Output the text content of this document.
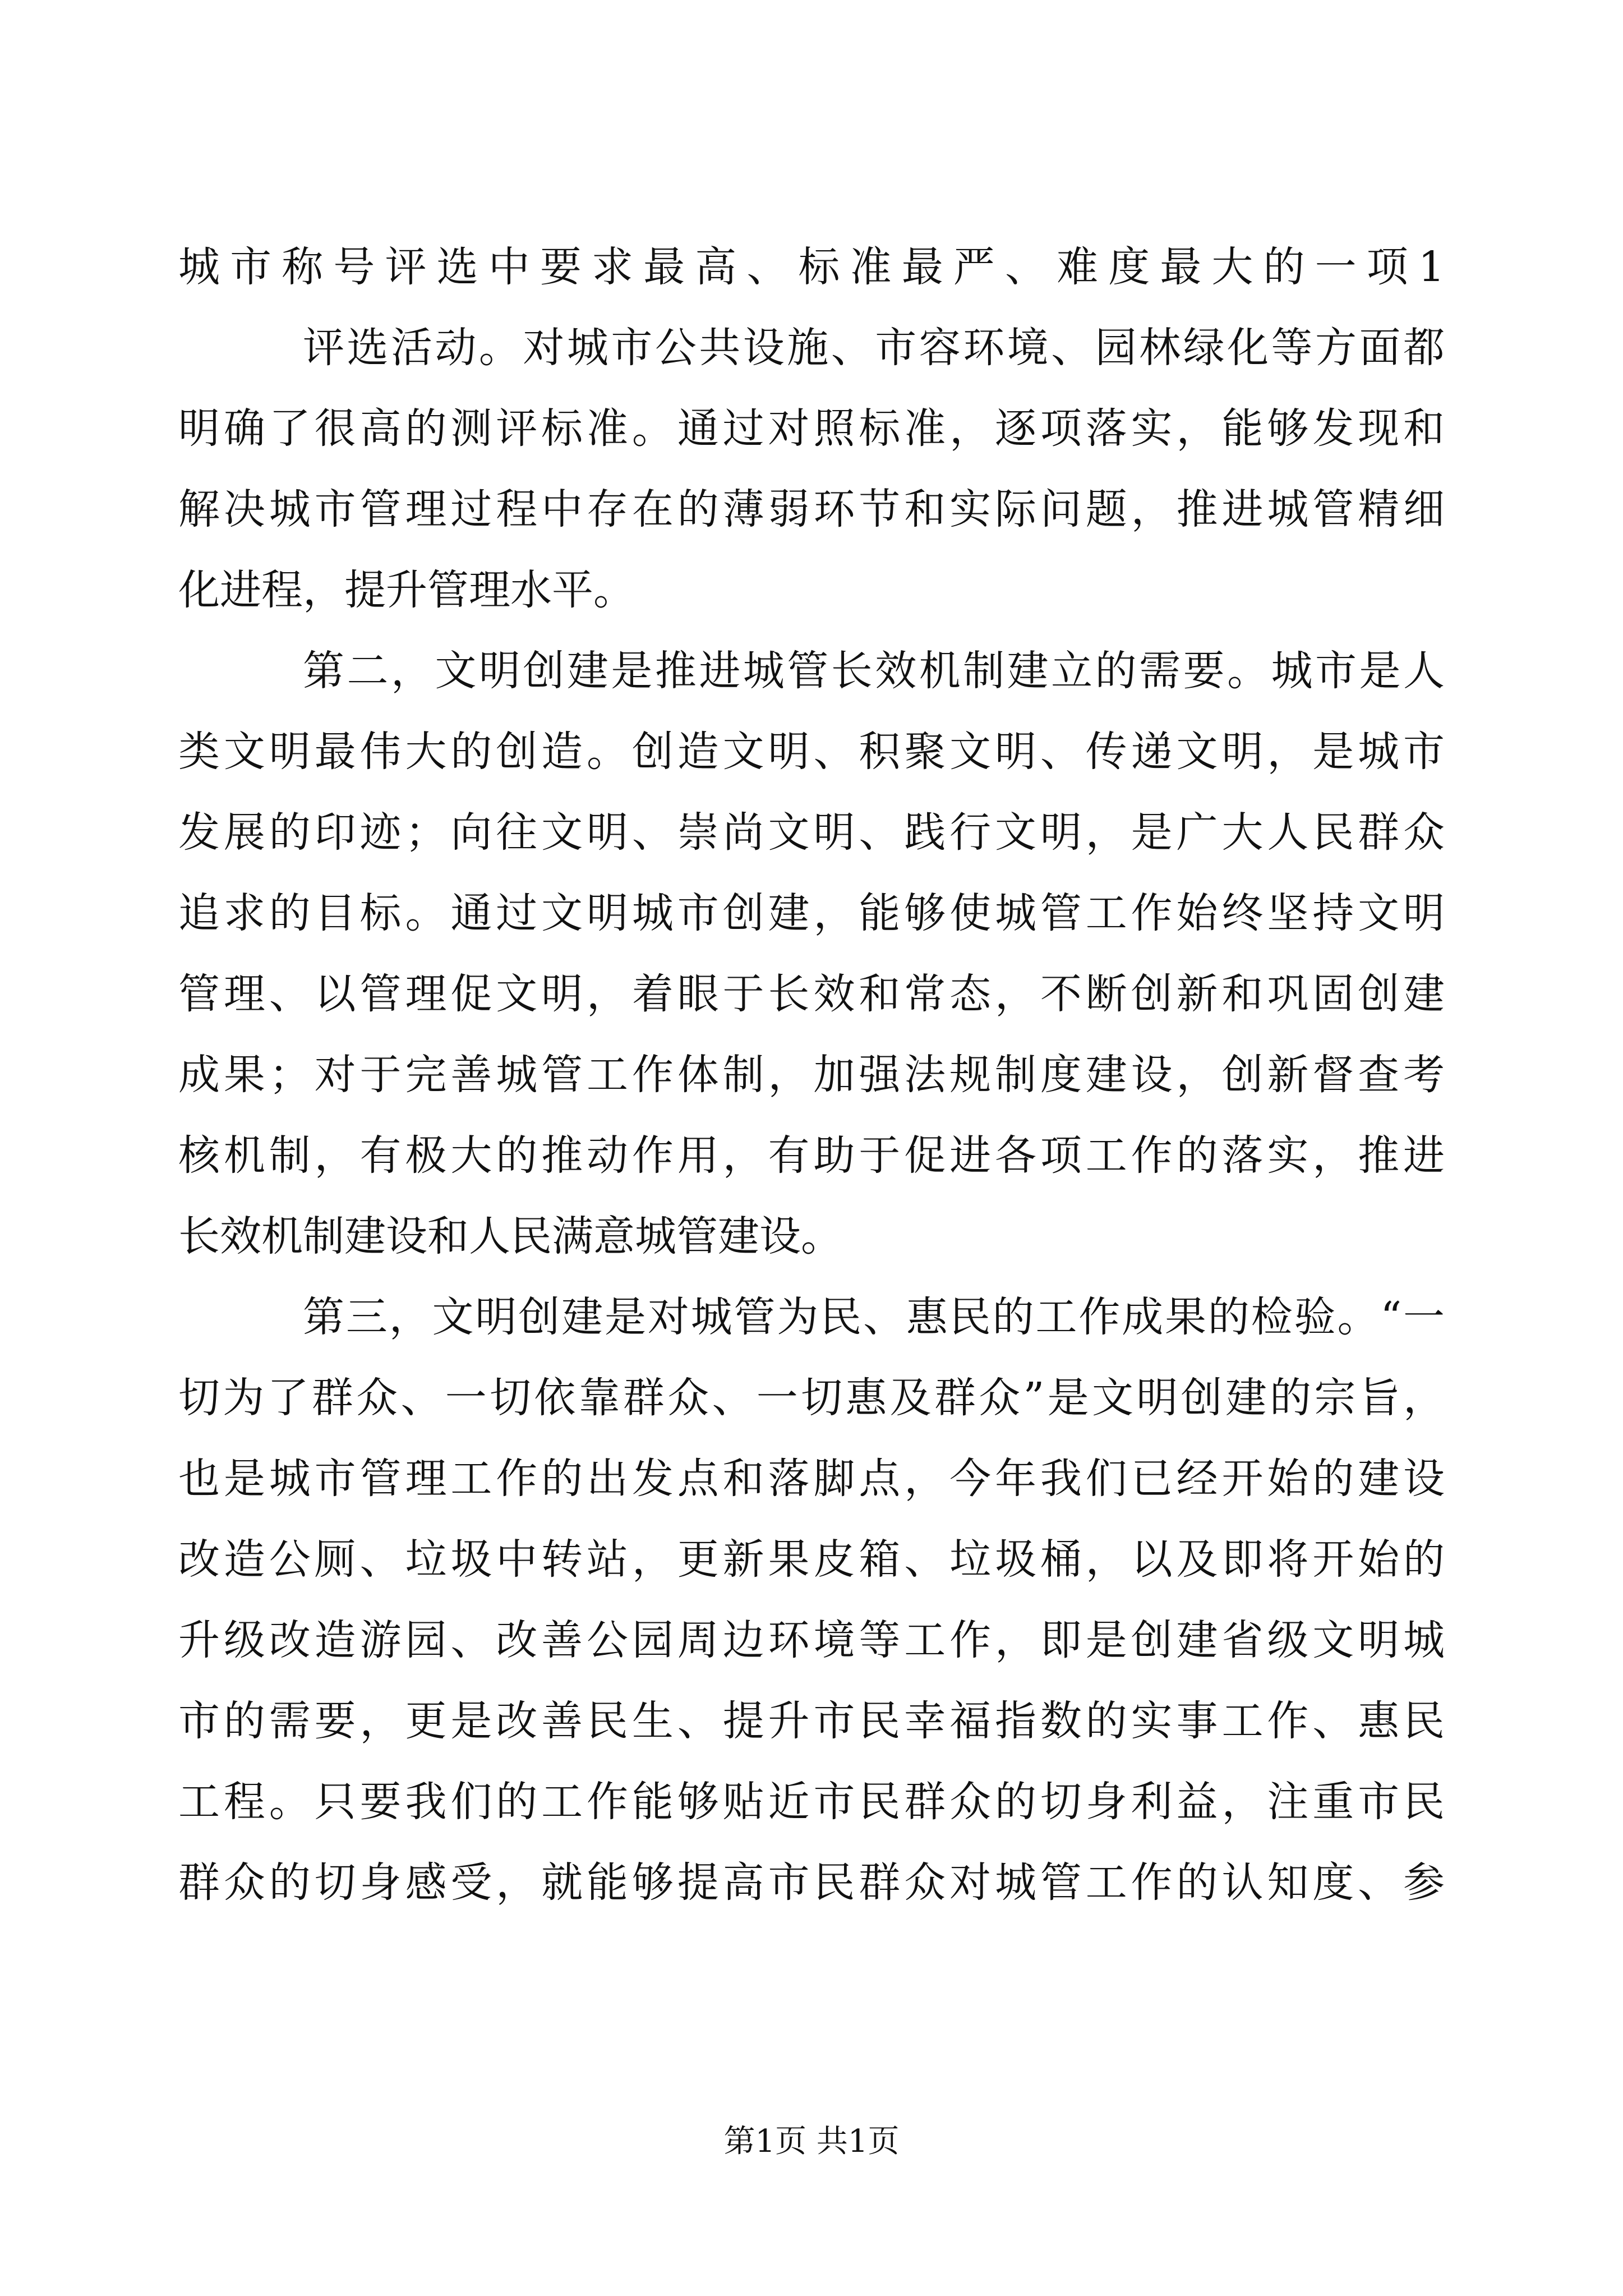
城市称号评选中要求最高、标准最严、难度最大的一项1
评选活动。对城市公共设施、市容环境、园林绿化等方面都
明确了很高的测评标准。通过对照标准，逐项落实，能够发现和
解决城市管理过程中存在的薄弱环节和实际问题，推进城管精细
化进程，提升管理水平。
第二，文明创建是推进城管长效机制建立的需要。城市是人
类文明最伟大的创造。创造文明、积聚文明、传递文明，是城市
发展的印迹；向往文明、崇尚文明、践行文明，是广大人民群众
追求的目标。通过文明城市创建，能够使城管工作始终坚持文明
管理、以管理促文明，着眼于长效和常态，不断创新和巩固创建
成果；对于完善城管工作体制，加强法规制度建设，创新督查考
核机制，有极大的推动作用，有助于促进各项工作的落实，推进
长效机制建设和人民满意城管建设。
第三，文明创建是对城管为民、惠民的工作成果的检验。“一
切为了群众、一切依靠群众、一切惠及群众”是文明创建的宗旨，
也是城市管理工作的出发点和落脚点，今年我们已经开始的建设
改造公厕、垃圾中转站，更新果皮箱、垃圾桶，以及即将开始的
升级改造游园、改善公园周边环境等工作，即是创建省级文明城
市的需要，更是改善民生、提升市民幸福指数的实事工作、惠民
工程。只要我们的工作能够贴近市民群众的切身利益，注重市民
群众的切身感受，就能够提高市民群众对城管工作的认知度、参
第1页 共1页
